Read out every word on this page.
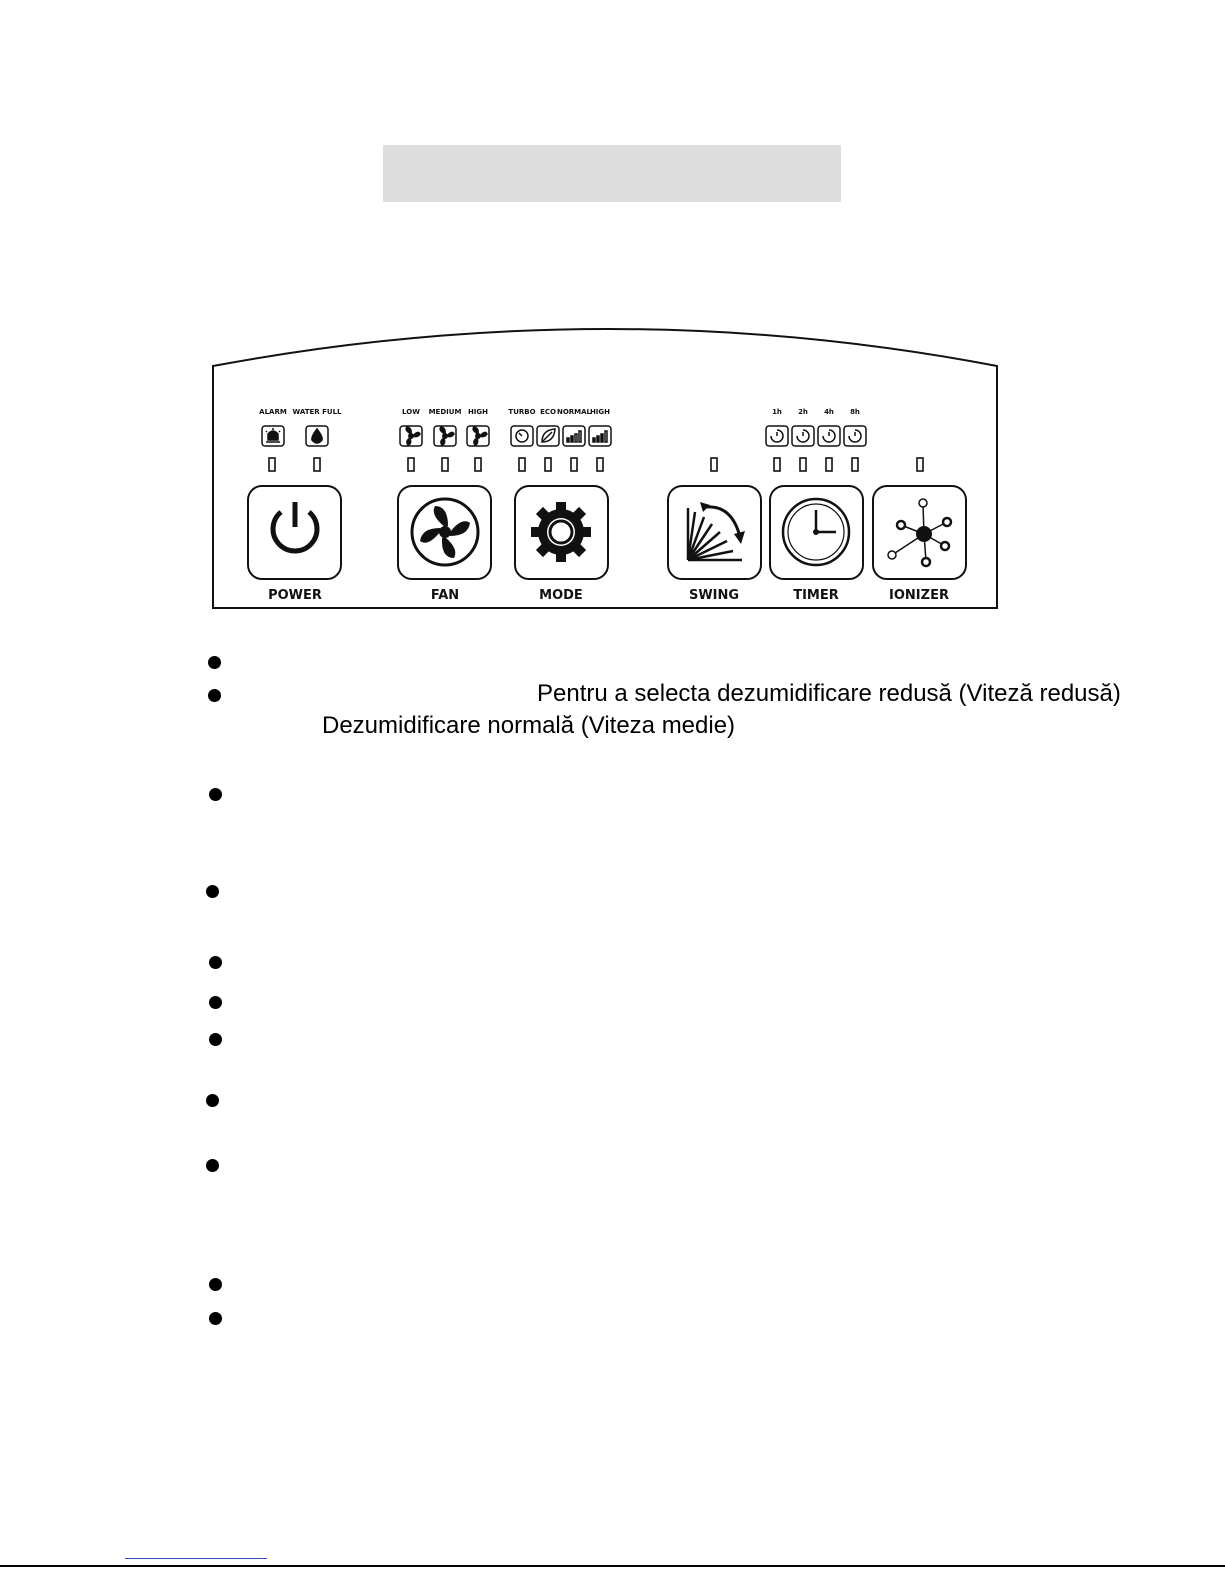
ALARM WATER FULL	LOW MEDIUM HIGH	TURBO ECO NORMAL
HIGH	1h 2h 4h 8h
POWER	FAN	MODE	SWING	TIMER	IONIZER
Pentru a selecta dezumidificare redusă (Viteză redusă)
Dezumidificare normală (Viteza medie)
